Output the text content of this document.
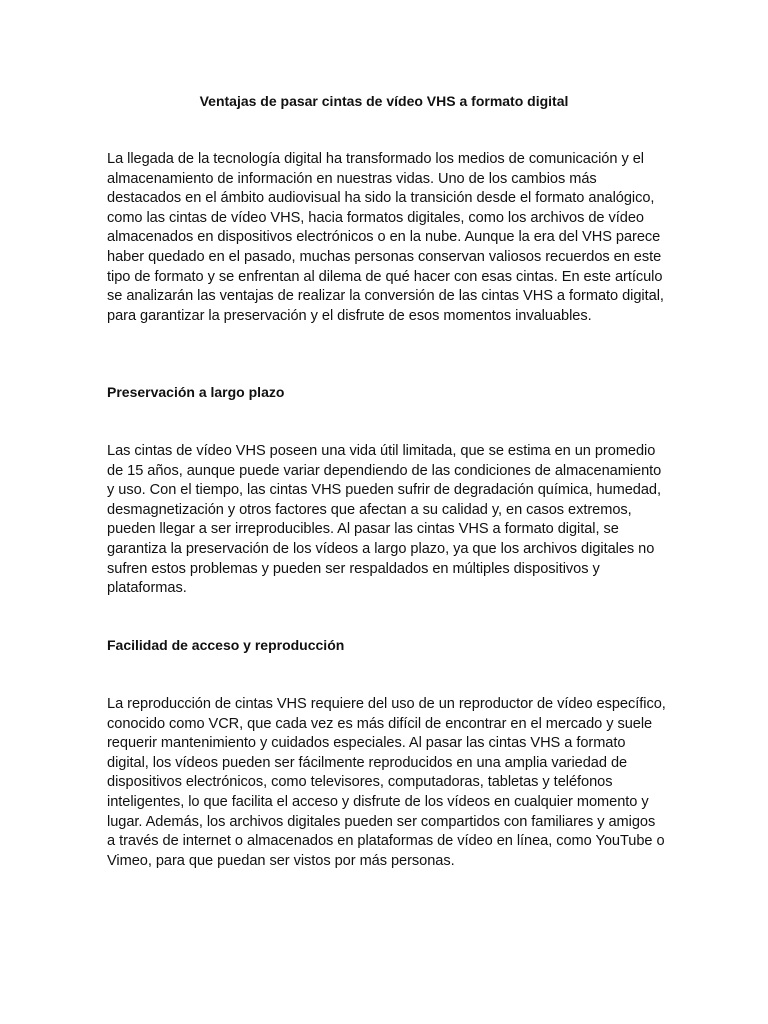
Ventajas de pasar cintas de vídeo VHS a formato digital

La llegada de la tecnología digital ha transformado los medios de comunicación y el almacenamiento de información en nuestras vidas. Uno de los cambios más destacados en el ámbito audiovisual ha sido la transición desde el formato analógico, como las cintas de vídeo VHS, hacia formatos digitales, como los archivos de vídeo almacenados en dispositivos electrónicos o en la nube. Aunque la era del VHS parece haber quedado en el pasado, muchas personas conservan valiosos recuerdos en este tipo de formato y se enfrentan al dilema de qué hacer con esas cintas. En este artículo se analizarán las ventajas de realizar la conversión de las cintas VHS a formato digital, para garantizar la preservación y el disfrute de esos momentos invaluables.

Preservación a largo plazo

Las cintas de vídeo VHS poseen una vida útil limitada, que se estima en un promedio de 15 años, aunque puede variar dependiendo de las condiciones de almacenamiento y uso. Con el tiempo, las cintas VHS pueden sufrir de degradación química, humedad, desmagnetización y otros factores que afectan a su calidad y, en casos extremos, pueden llegar a ser irreproducibles. Al pasar las cintas VHS a formato digital, se garantiza la preservación de los vídeos a largo plazo, ya que los archivos digitales no sufren estos problemas y pueden ser respaldados en múltiples dispositivos y plataformas.

Facilidad de acceso y reproducción

La reproducción de cintas VHS requiere del uso de un reproductor de vídeo específico, conocido como VCR, que cada vez es más difícil de encontrar en el mercado y suele requerir mantenimiento y cuidados especiales. Al pasar las cintas VHS a formato digital, los vídeos pueden ser fácilmente reproducidos en una amplia variedad de dispositivos electrónicos, como televisores, computadoras, tabletas y teléfonos inteligentes, lo que facilita el acceso y disfrute de los vídeos en cualquier momento y lugar. Además, los archivos digitales pueden ser compartidos con familiares y amigos a través de internet o almacenados en plataformas de vídeo en línea, como YouTube o Vimeo, para que puedan ser vistos por más personas.
